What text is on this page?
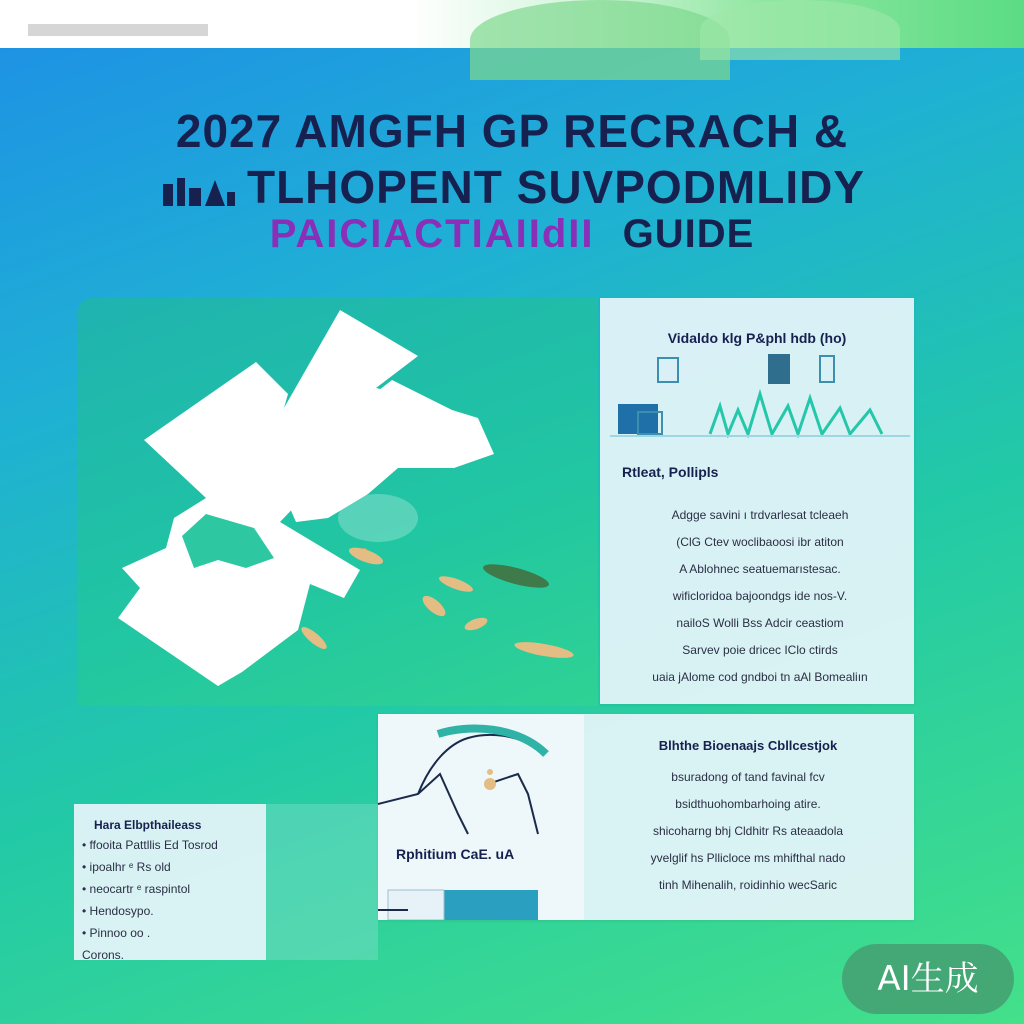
2027 AMGFH GP RECRACH &
TLHOPENT SUVPODMLIDY
PAICIACTIAIIdII GUIDE
Vidaldo klg P&phl hdb (ho)
Rtleat, Pollipls
Adgge savini ı trdvarlesat tcleaeh
(ClG Ctev woclibaoosi ibr atiton
A Ablohnec seatuemarıstesac.
wificloridoa bajoondgs ide nos-V.
nailoS Wolli Bss Adcir ceastiom
Sarvev poie dricec IClo ctirds
uaia jAlome cod gndboi tn aAl Bomealiın
Rphitium CaE. uA
Blhthe Bioenaajs Cbllcestjok
bsuradong of tand favinal fcv
bsidthuohombarhoing atire.
shicoharng bhj Cldhitr Rs ateaadola
yvelglif hs Pllicloce ms mhifthal nado
tinh Mihenalih, roidinhio wecSaric
Hara Elbpthaileass
• ffooita Pattllis Ed Tosrod
• ipoalhr ᵉ Rs old
• neocartr ᵉ raspintol
• Hendosypo.
• Pinnoo oo .
Corons.
AI生成
